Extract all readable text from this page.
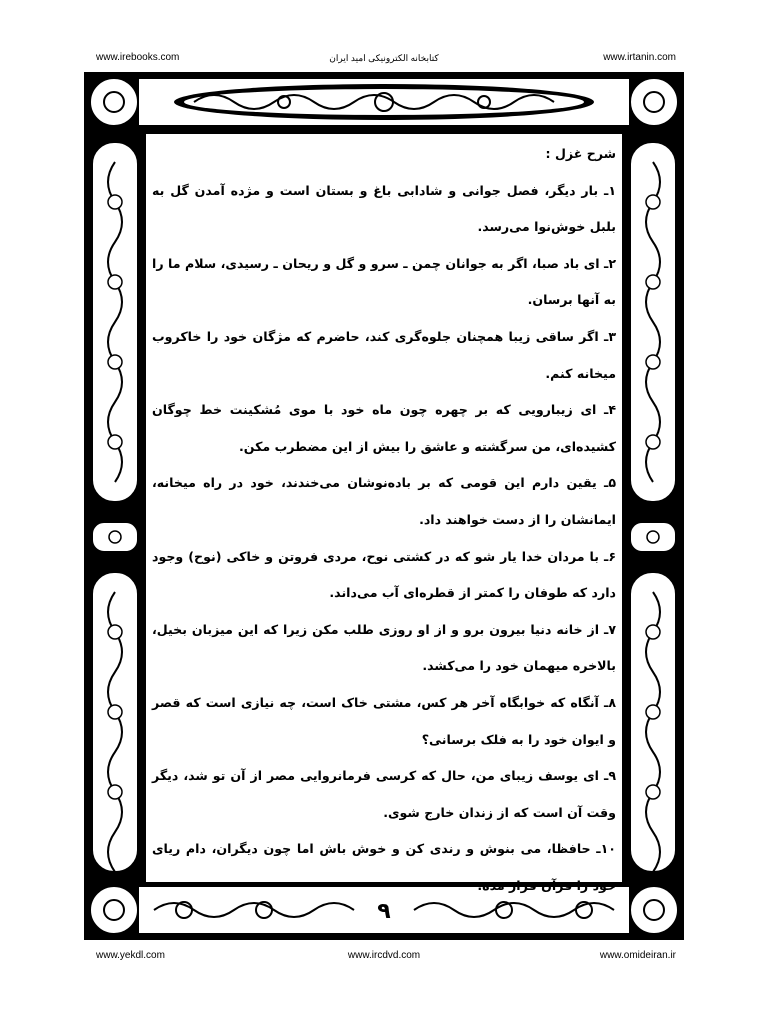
www.irebooks.com	کتابخانه الکترونیکی امید ایران	www.irtanin.com
شرح غزل :

۱ـ بار دیگر، فصل جوانی و شادابی باغ و بستان است و مژده آمدن گل به بلبل خوش‌نوا می‌رسد.

۲ـ ای باد صبا، اگر به جوانان چمن ـ سرو و گل و ریحان ـ رسیدی، سلام ما را به آنها برسان.

۳ـ اگر ساقی زیبا همچنان جلوه‌گری کند، حاضرم که مژگان خود را خاکروب میخانه کنم.

۴ـ ای زیبارویی که بر چهره چون ماه خود با موی مُشکینت خط چوگان کشیده‌ای، من سرگشته و عاشق را بیش از این مضطرب مکن.

۵ـ یقین دارم این قومی که بر باده‌نوشان می‌خندند، خود در راه میخانه، ایمانشان را از دست خواهند داد.

۶ـ با مردان خدا یار شو که در کشتی نوح، مردی فروتن و خاکی (نوح) وجود دارد که طوفان را کمتر از قطره‌ای آب می‌داند.

۷ـ از خانه دنیا بیرون برو و از او روزی طلب مکن زیرا که این میزبان بخیل، بالاخره میهمان خود را می‌کشد.

۸ـ آنگاه که خوابگاه آخر هر کس، مشتی خاک است، چه نیازی است که قصر و ایوان خود را به فلک برسانی؟

۹ـ ای یوسف زیبای من، حال که کرسی فرمانروایی مصر از آن تو شد، دیگر وقت آن است که از زندان خارج شوی.

۱۰ـ حافظا، می بنوش و رندی کن و خوش باش اما چون دیگران، دام ریای خود را قرآن قرار مده.

۹
www.yekdl.com	www.ircdvd.com	www.omideiran.ir
